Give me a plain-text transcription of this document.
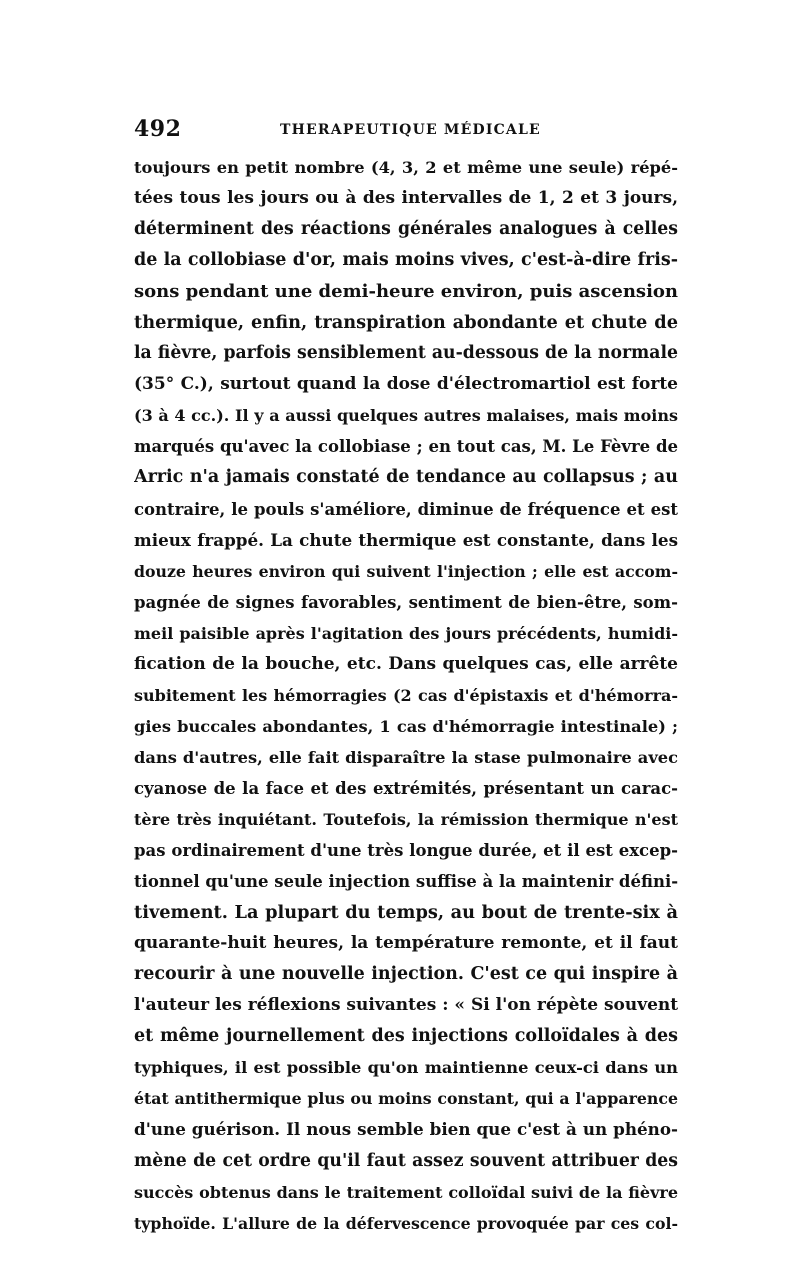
492	THERAPEUTIQUE MÉDICALE
toujours en petit nombre (4, 3, 2 et même une seule) répé-
tées tous les jours ou à des intervalles de 1, 2 et 3 jours,
déterminent des réactions générales analogues à celles
de la collobiase d'or, mais moins vives, c'est-à-dire fris-
sons pendant une demi-heure environ, puis ascension
thermique, enfin, transpiration abondante et chute de
la fièvre, parfois sensiblement au-dessous de la normale
(35° C.), surtout quand la dose d'électromartiol est forte
(3 à 4 cc.). Il y a aussi quelques autres malaises, mais moins
marqués qu'avec la collobiase ; en tout cas, M. Le Fèvre de
Arric n'a jamais constaté de tendance au collapsus ; au
contraire, le pouls s'améliore, diminue de fréquence et est
mieux frappé. La chute thermique est constante, dans les
douze heures environ qui suivent l'injection ; elle est accom-
pagnée de signes favorables, sentiment de bien-être, som-
meil paisible après l'agitation des jours précédents, humidi-
fication de la bouche, etc. Dans quelques cas, elle arrête
subitement les hémorragies (2 cas d'épistaxis et d'hémorra-
gies buccales abondantes, 1 cas d'hémorragie intestinale) ;
dans d'autres, elle fait disparaître la stase pulmonaire avec
cyanose de la face et des extrémités, présentant un carac-
tère très inquiétant. Toutefois, la rémission thermique n'est
pas ordinairement d'une très longue durée, et il est excep-
tionnel qu'une seule injection suffise à la maintenir défini-
tivement. La plupart du temps, au bout de trente-six à
quarante-huit heures, la température remonte, et il faut
recourir à une nouvelle injection. C'est ce qui inspire à
l'auteur les réflexions suivantes : « Si l'on répète souvent
et même journellement des injections colloïdales à des
typhiques, il est possible qu'on maintienne ceux-ci dans un
état antithermique plus ou moins constant, qui a l'apparence
d'une guérison. Il nous semble bien que c'est à un phéno-
mène de cet ordre qu'il faut assez souvent attribuer des
succès obtenus dans le traitement colloïdal suivi de la fièvre
typhoïde. L'allure de la défervescence provoquée par ces col-
